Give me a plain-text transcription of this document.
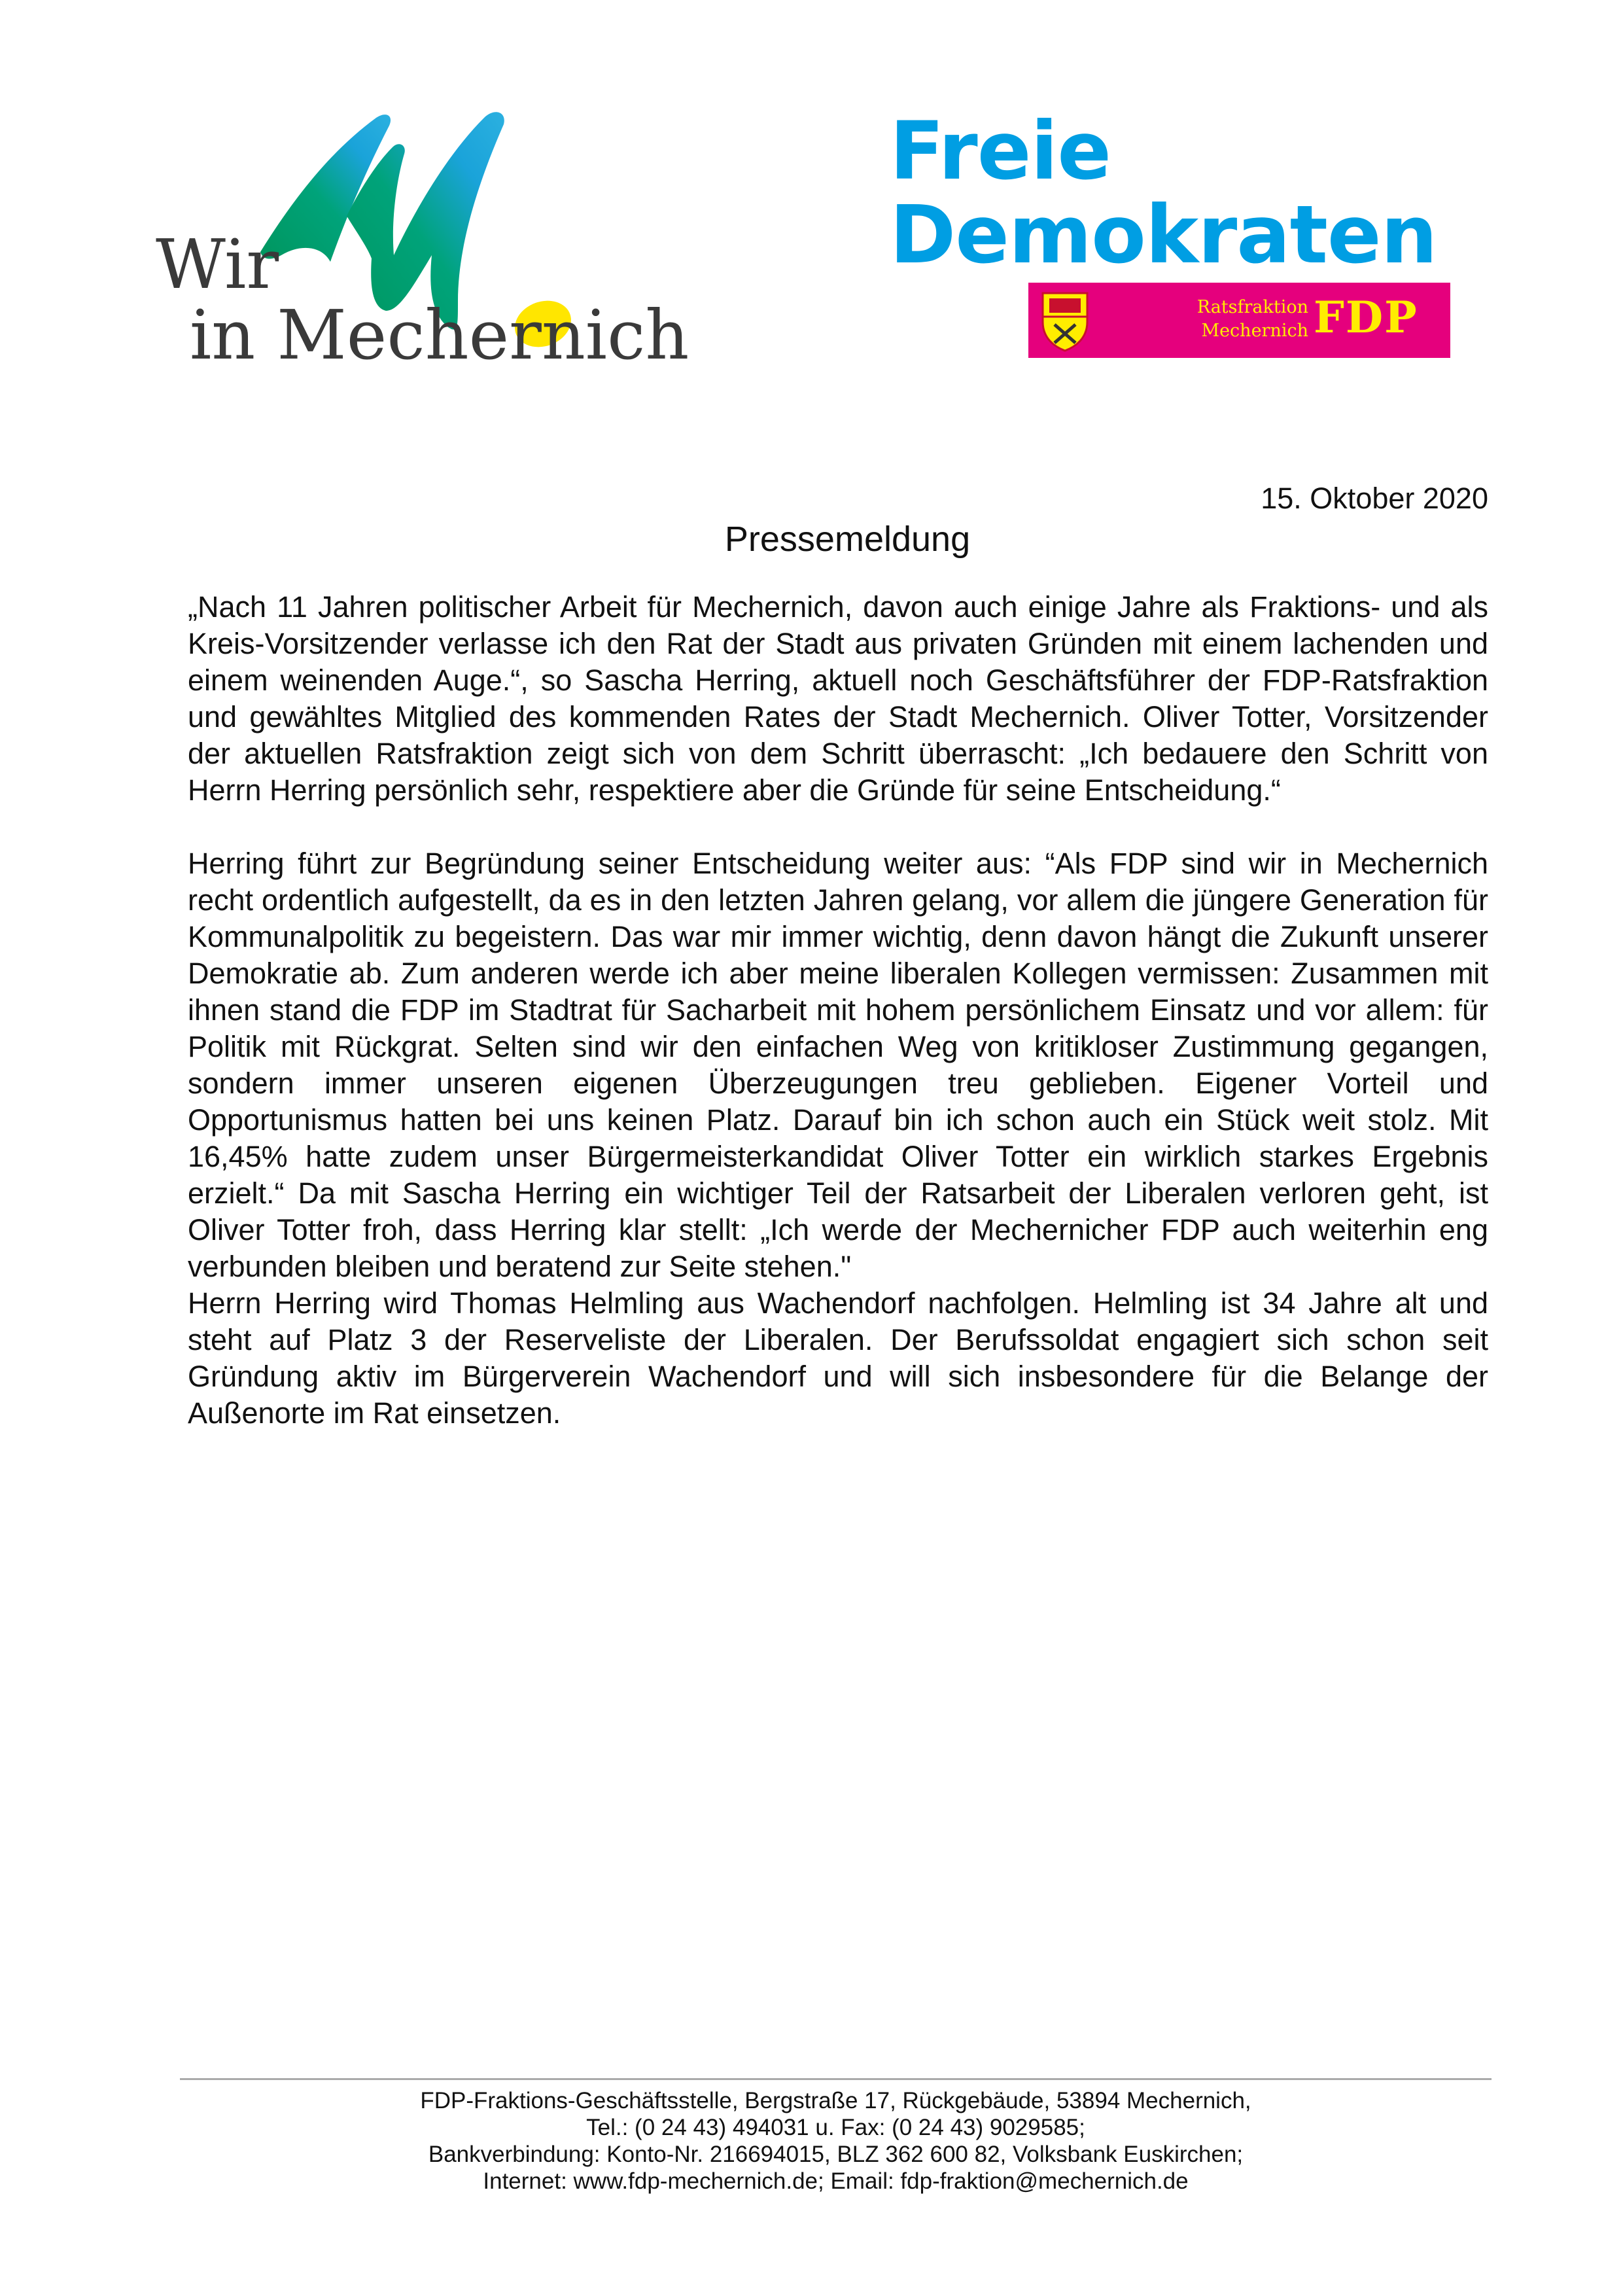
Wir
in Mechernich
Freie
Demokraten
Ratsfraktion
Mechernich FDP
15. Oktober 2020
Pressemeldung

„Nach 11 Jahren politischer Arbeit für Mechernich, davon auch einige Jahre als Fraktions- und als Kreis-Vorsitzender verlasse ich den Rat der Stadt aus privaten Gründen mit einem lachenden und einem weinenden Auge.“, so Sascha Herring, aktuell noch Geschäftsführer der FDP-Ratsfraktion und gewähltes Mitglied des kommenden Rates der Stadt Mechernich. Oliver Totter, Vorsitzender der aktuellen Ratsfraktion zeigt sich von dem Schritt überrascht: „Ich bedauere den Schritt von Herrn Herring persönlich sehr, respektiere aber die Gründe für seine Entscheidung.“

Herring führt zur Begründung seiner Entscheidung weiter aus: “Als FDP sind wir in Mechernich recht ordentlich aufgestellt, da es in den letzten Jahren gelang, vor allem die jüngere Generation für Kommunalpolitik zu begeistern. Das war mir immer wichtig, denn davon hängt die Zukunft unserer Demokratie ab. Zum anderen werde ich aber meine liberalen Kollegen vermissen: Zusammen mit ihnen stand die FDP im Stadtrat für Sacharbeit mit hohem persönlichem Einsatz und vor allem: für Politik mit Rückgrat. Selten sind wir den einfachen Weg von kritikloser Zustimmung gegangen, sondern immer unseren eigenen Überzeugungen treu geblieben. Eigener Vorteil und Opportunismus hatten bei uns keinen Platz. Darauf bin ich schon auch ein Stück weit stolz. Mit 16,45% hatte zudem unser Bürgermeisterkandidat Oliver Totter ein wirklich starkes Ergebnis erzielt.“ Da mit Sascha Herring ein wichtiger Teil der Ratsarbeit der Liberalen verloren geht, ist Oliver Totter froh, dass Herring klar stellt: „Ich werde der Mechernicher FDP auch weiterhin eng verbunden bleiben und beratend zur Seite stehen."

Herrn Herring wird Thomas Helmling aus Wachendorf nachfolgen. Helmling ist 34 Jahre alt und steht auf Platz 3 der Reserveliste der Liberalen. Der Berufssoldat engagiert sich schon seit Gründung aktiv im Bürgerverein Wachendorf und will sich insbesondere für die Belange der Außenorte im Rat einsetzen.

FDP-Fraktions-Geschäftsstelle, Bergstraße 17, Rückgebäude, 53894 Mechernich,
Tel.: (0 24 43) 494031 u. Fax: (0 24 43) 9029585;
Bankverbindung: Konto-Nr. 216694015, BLZ 362 600 82, Volksbank Euskirchen;
Internet: www.fdp-mechernich.de; Email: fdp-fraktion@mechernich.de
